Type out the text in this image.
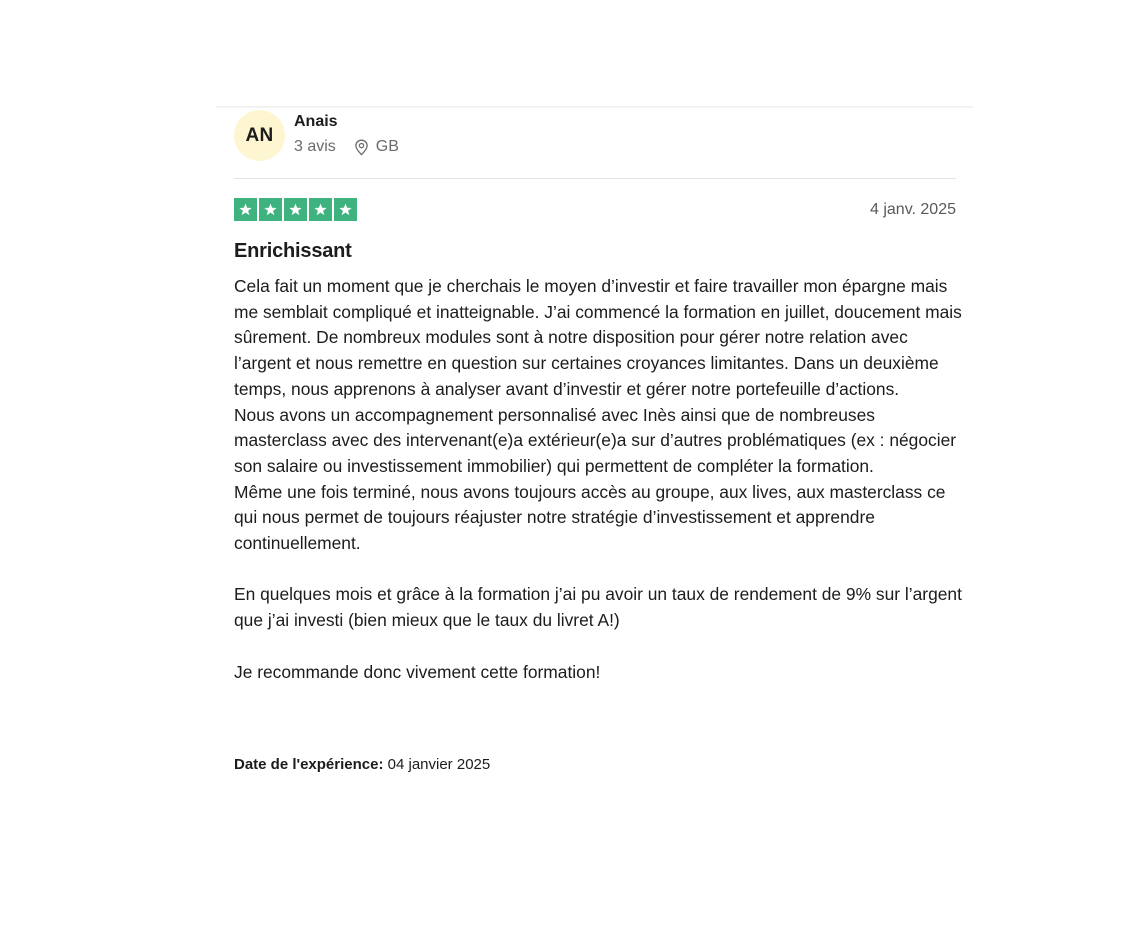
AN
Anais
3 avis	GB
4 janv. 2025
Enrichissant
Cela fait un moment que je cherchais le moyen d’investir et faire travailler mon épargne mais me semblait compliqué et inatteignable. J’ai commencé la formation en juillet, doucement mais sûrement. De nombreux modules sont à notre disposition pour gérer notre relation avec l’argent et nous remettre en question sur certaines croyances limitantes. Dans un deuxième temps, nous apprenons à analyser avant d’investir et gérer notre portefeuille d’actions.
Nous avons un accompagnement personnalisé avec Inès ainsi que de nombreuses masterclass avec des intervenant(e)a extérieur(e)a sur d’autres problématiques (ex : négocier son salaire ou investissement immobilier) qui permettent de compléter la formation.
Même une fois terminé, nous avons toujours accès au groupe, aux lives, aux masterclass ce qui nous permet de toujours réajuster notre stratégie d’investissement et apprendre continuellement.

En quelques mois et grâce à la formation j’ai pu avoir un taux de rendement de 9% sur l’argent que j’ai investi (bien mieux que le taux du livret A!)

Je recommande donc vivement cette formation!
Date de l'expérience: 04 janvier 2025
